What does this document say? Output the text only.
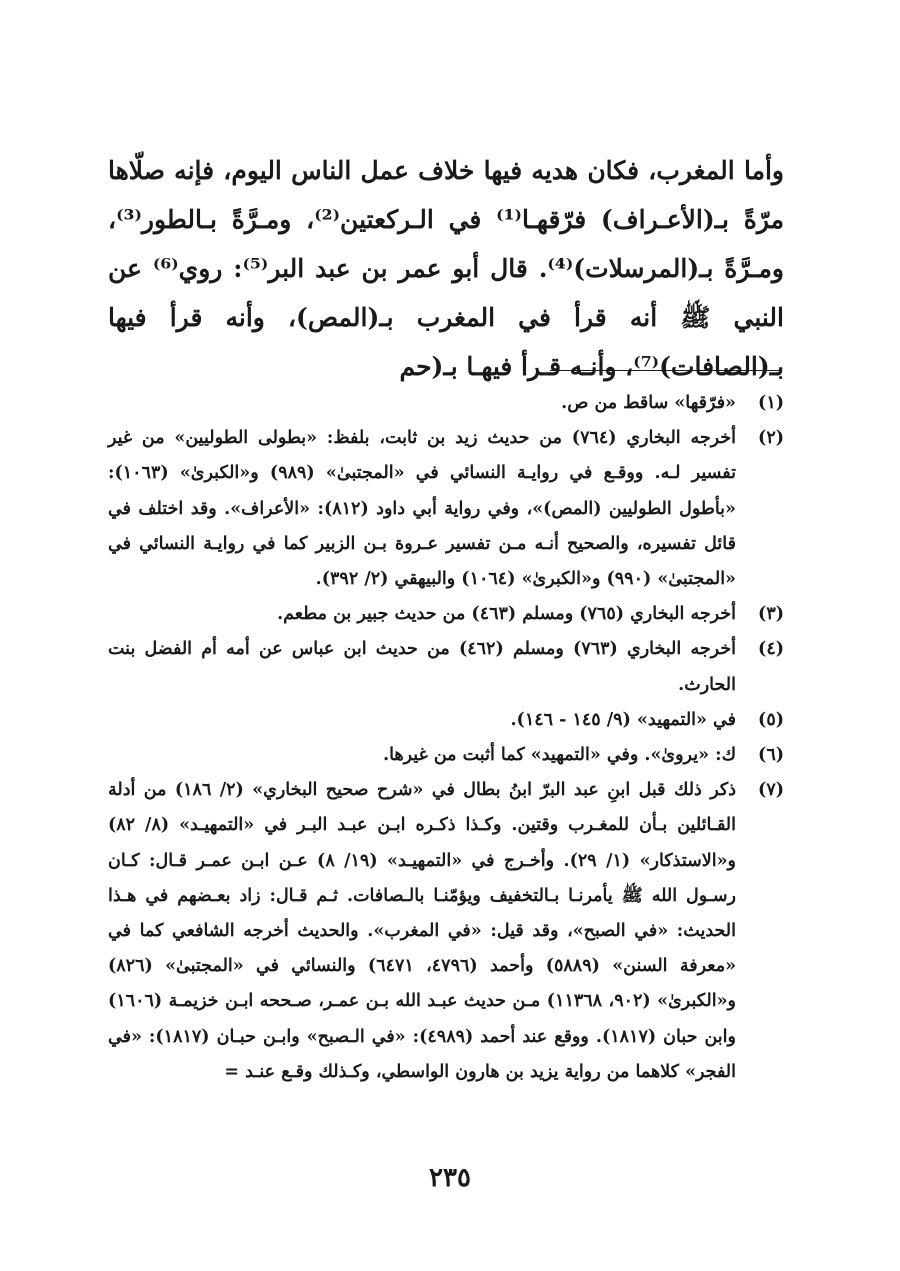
وأما المغرب، فكان هديه فيها خلاف عمل الناس اليوم، فإنه صلّاها مرّةً بـ(الأعـراف) فرّقهـا⁽¹⁾ في الـركعتين⁽²⁾، ومـرَّةً بـالطور⁽³⁾، ومـرَّةً بـ(المرسلات)⁽⁴⁾. قال أبو عمر بن عبد البر⁽⁵⁾: روي⁽⁶⁾ عن النبي ﷺ أنه قرأ في المغرب بـ(المص)، وأنه قرأ فيها بـ(الصافات)⁽⁷⁾، وأنـه قـرأ فيهـا بـ(حم

(١)
«فرّقها» ساقط من ص.
(٢)
أخرجه البخاري (٧٦٤) من حديث زيد بن ثابت، بلفظ: «بطولى الطوليين» من غير تفسير لـه. ووقـع في روايـة النسائي في «المجتبىٰ» (٩٨٩) و«الكبرىٰ» (١٠٦٣): «بأطول الطوليين (المص)»، وفي رواية أبي داود (٨١٢): «الأعراف». وقد اختلف في قائل تفسيره، والصحيح أنـه مـن تفسير عـروة بـن الزبير كما في روايـة النسائي في «المجتبىٰ» (٩٩٠) و«الكبرىٰ» (١٠٦٤) والبيهقي (٢/ ٣٩٢).
(٣)
أخرجه البخاري (٧٦٥) ومسلم (٤٦٣) من حديث جبير بن مطعم.
(٤)
أخرجه البخاري (٧٦٣) ومسلم (٤٦٢) من حديث ابن عباس عن أمه أم الفضل بنت الحارث.
(٥)
في «التمهيد» (٩/ ١٤٥ - ١٤٦).
(٦)
ك: «يروىٰ». وفي «التمهيد» كما أثبت من غيرها.
(٧)
ذكر ذلك قبل ابنِ عبد البرّ ابنُ بطال في «شرح صحيح البخاري» (٢/ ١٨٦) من أدلة القـائلين بـأن للمغـرب وقتين. وكـذا ذكـره ابـن عبـد البـر في «التمهيـد» (٨/ ٨٢) و«الاستذكار» (١/ ٢٩). وأخـرج في «التمهيـد» (١٩/ ٨) عـن ابـن عمـر قـال: كـان رسـول الله ﷺ يأمرنـا بـالتخفيف ويؤمّنـا بالـصافات. ثـم قـال: زاد بعـضهم في هـذا الحديث: «في الصبح»، وقد قيل: «في المغرب». والحديث أخرجه الشافعي كما في «معرفة السنن» (٥٨٨٩) وأحمد (٤٧٩٦، ٦٤٧١) والنسائي في «المجتبىٰ» (٨٢٦) و«الكبرىٰ» (٩٠٢، ١١٣٦٨) مـن حديث عبـد الله بـن عمـر، صـححه ابـن خزيمـة (١٦٠٦) وابن حبان (١٨١٧). ووقع عند أحمد (٤٩٨٩): «في الـصبح» وابـن حبـان (١٨١٧): «في الفجر» كلاهما من رواية يزيد بن هارون الواسطي، وكـذلك وقـع عنـد =
٢٣٥
